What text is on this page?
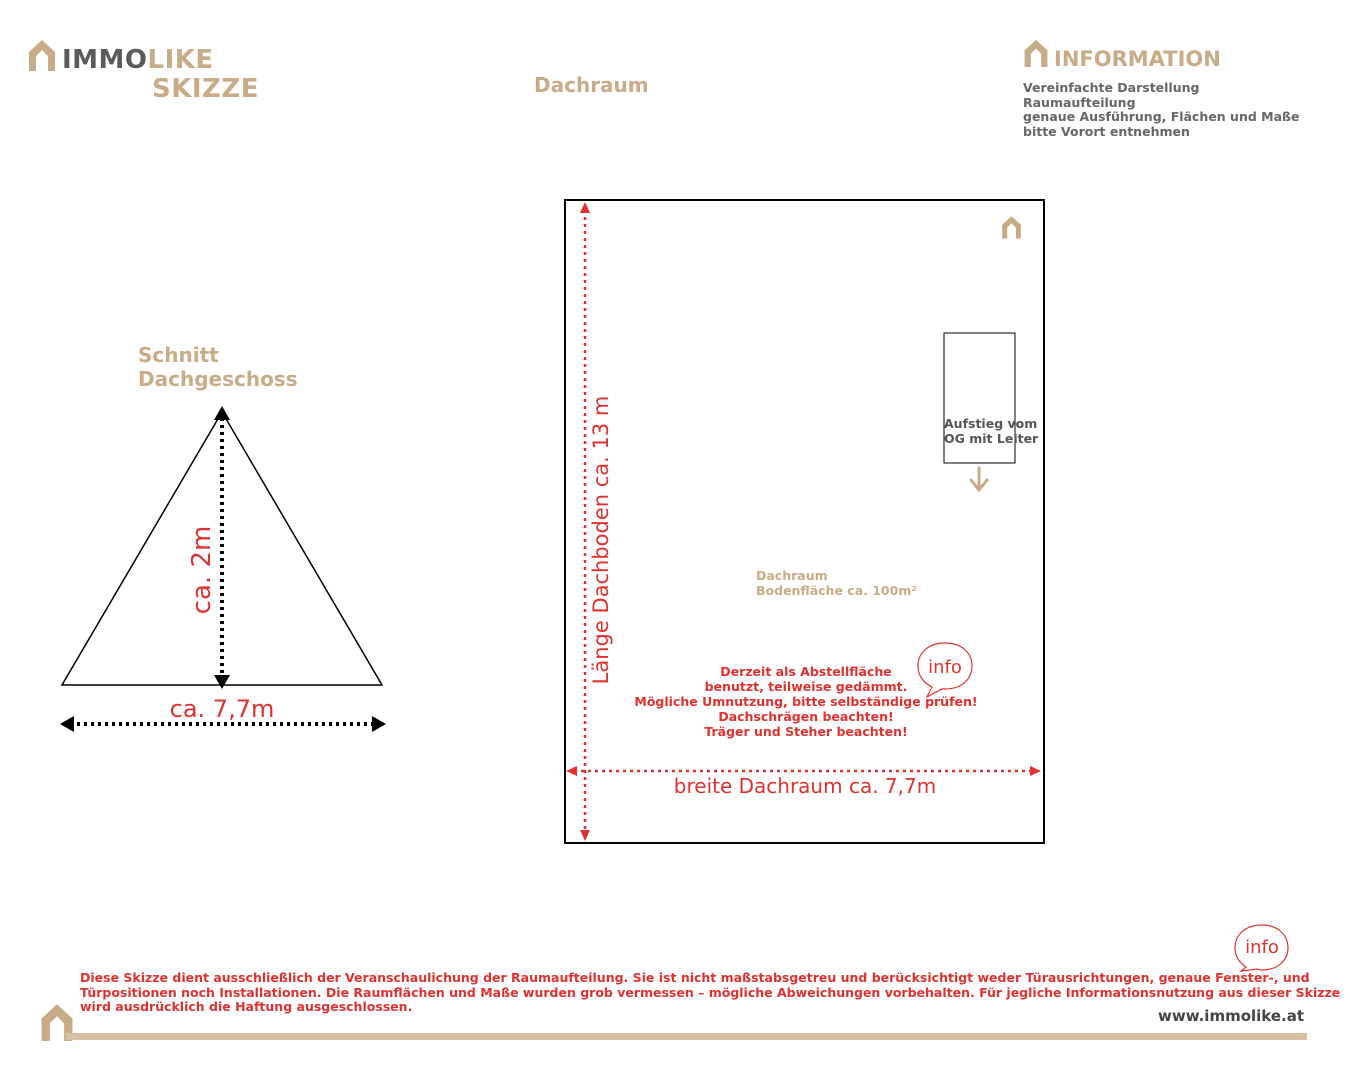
IMMOLIKE
SKIZZE	Dachraum
INFORMATION
Vereinfachte Darstellung
Raumaufteilung
genaue Ausführung, Flächen und Maße
bitte Vorort entnehmen
Schnitt
Dachgeschoss
ca. 2m
ca. 7,7m
Länge Dachboden ca. 13 m
breite Dachraum ca. 7,7m
info
Aufstieg vom
OG mit Leiter
Dachraum
Bodenfläche ca. 100m²
Derzeit als Abstellfläche
benutzt, teilweise gedämmt.
Mögliche Umnutzung, bitte selbständige prüfen!
Dachschrägen beachten!
Träger und Steher beachten!
info
Diese Skizze dient ausschließlich der Veranschaulichung der Raumaufteilung. Sie ist nicht maßstabsgetreu und berücksichtigt weder Türausrichtungen, genaue Fenster-, und
Türpositionen noch Installationen. Die Raumflächen und Maße wurden grob vermessen – mögliche Abweichungen vorbehalten. Für jegliche Informationsnutzung aus dieser Skizze
wird ausdrücklich die Haftung ausgeschlossen.
www.immolike.at
